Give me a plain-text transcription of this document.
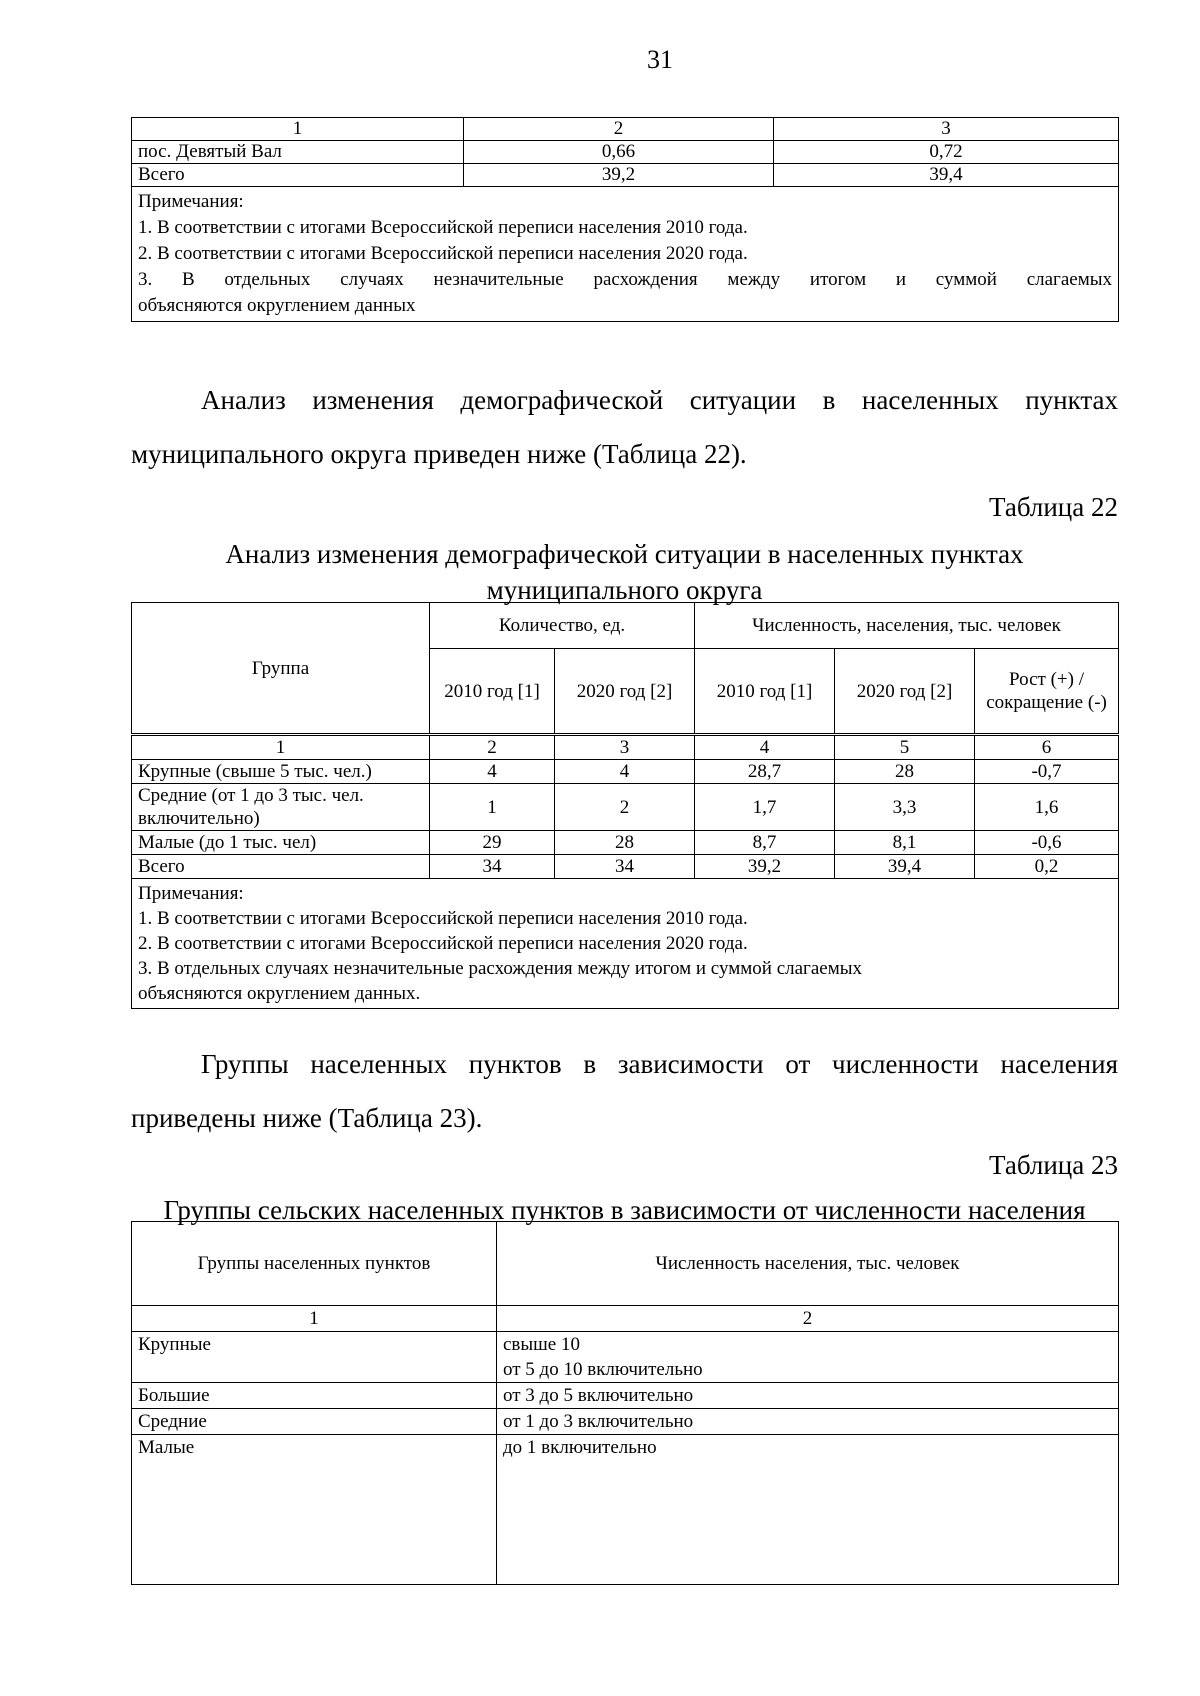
31
1	2	3
пос. Девятый Вал	0,66	0,72
Всего	39,2	39,4

Примечания:
1. В соответствии с итогами Всероссийской переписи населения 2010 года.
2. В соответствии с итогами Всероссийской переписи населения 2020 года.
3. В отдельных случаях незначительные расхождения между итогом и суммой слагаемых
объясняются округлением данных		
Анализ изменения демографической ситуации в населенных пунктах
муниципального округа приведен ниже (Таблица 22).
Таблица 22
Анализ изменения демографической ситуации в населенных пунктах
муниципального округа
Группа	Количество, ед.		Численность, населения, тыс. человек		
	2010 год [1]	2020 год [2]	2010 год [1]	2020 год [2]	Рост (+) /сокращение (-)
1	2	3	4	5	6
Крупные (свыше 5 тыс. чел.)	4	4	28,7	28	-0,7
Средние (от 1 до 3 тыс. чел. включительно)	1	2	1,7	3,3	1,6
Малые (до 1 тыс. чел)	29	28	8,7	8,1	-0,6
Всего	34	34	39,2	39,4	0,2

Примечания:
1. В соответствии с итогами Всероссийской переписи населения 2010 года.
2. В соответствии с итогами Всероссийской переписи населения 2020 года.
3. В отдельных случаях незначительные расхождения между итогом и суммой слагаемых
объясняются округлением данных.					
Группы населенных пунктов в зависимости от численности населения
приведены ниже (Таблица 23).
Таблица 23
Группы сельских населенных пунктов в зависимости от численности населения
Группы населенных пунктов	Численность населения, тыс. человек
1	2
Крупные	свыше 10
от 5 до 10 включительно

Большие	от 3 до 5 включительно
Средние	от 1 до 3 включительно
Малые	до 1 включительно
